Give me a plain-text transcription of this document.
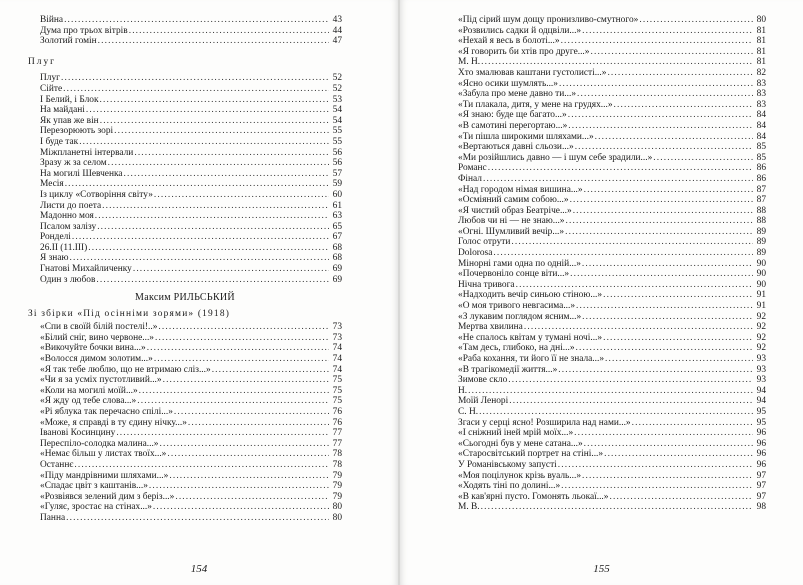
Війна . . .	43
Дума про трьох вітрів . . .	44
Золотий гомін . . .	47
Плуг
Плуг . . .	52
Сійте . . .	52
І Белий, і Блок . . .	53
На майдані . . .	54
Як упав же він . . .	54
Перезорюють зорі . . .	55
І буде так . . .	55
Міжпланетні інтервали . . .	56
Зразу ж за селом . . .	56
На могилі Шевченка . . .	57
Месія . . .	59
Із циклу «Сотворіння світу» . . .	60
Листи до поета . . .	61
Мадонно моя . . .	63
Псалом залізу . . .	65
Ронделі . . .	67
26.II (11.III) . . .	68
Я знаю . . .	68
Гнатові Михайличенку . . .	69
Один з любов . . .	69
Максим РИЛЬСЬКИЙ
Зі збірки «Під осінніми зорями» (1918)
«Спи в своїй білій постелі!..» . . .	73
«Білий сніг, вино червоне...» . . .	73
«Викочуйте бочки вина...» . . .	74
«Волосся димом золотим...» . . .	74
«Я так тебе люблю, що не втримаю сліз...» . . .	74
«Чи я за усміх пустотливий...» . . .	75
«Коли на могилі моїй...» . . .	75
«Я жду од тебе слова...» . . .	75
«Рі яблука так перечасно спілі...» . . .	76
«Може, я справді в ту єдину нічку...» . . .	76
Іванові Косинцину . . .	77
Переспіло-солодка малина...» . . .	77
«Немає більш у листах твоїх...» . . .	78
Останнє . . .	78
«Піду мандрівними шляхами...» . . .	79
«Спадає цвіт з каштанів...» . . .	79
«Розвіявся зелений дим з беріз...» . . .	79
«Гуляє, зростає на стінах...» . . .	80
Панна . . .	80
154
«Під сірий шум дощу пронизливо-смутного» . . .	80
«Розвились садки й одцвіли...» . . .	81
«Нехай я весь в болоті...» . . .	81
«Я говорить би хтів про друге...» . . .	81
М. Н. . . .	81
Хто змалював каштани густолисті...» . . .	82
«Ясно осики шумлять...» . . .	83
«Забула про мене давно ти...» . . .	83
«Ти плакала, дитя, у мене на грудях...» . . .	83
«Я знаю: буде ще багато...» . . .	84
«В самотині перегортаю...» . . .	84
«Ти пішла широкими шляхами...» . . .	84
«Вертаються давні сльози...» . . .	85
«Ми розійшлись давно — і шум себе зрадили...» . . .	85
Романс . . .	86
Фінал . . .	86
«Над городом німая вишина...» . . .	87
«Осміяний самим собою...» . . .	87
«Я чистий образ Беатріче...» . . .	88
Любов чи ні — не знаю...» . . .	88
«Огні. Шумливий вечір...» . . .	89
Голос отрути . . .	89
Dolorosa . . .	89
Мінорні гами одна по одній...» . . .	90
«Почервоніло сонце віти...» . . .	90
Нічна тривога . . .	90
«Надходить вечір синьою стіною...» . . .	91
«О моя тривого невгасима...» . . .	91
«З лукавим поглядом ясним...» . . .	92
Мертва хвилина . . .	92
«Не спалось квітам у тумані ночі...» . . .	92
«Там десь, глибоко, на дні...» . . .	92
«Раба кохання, ти його її не знала...» . . .	93
«В трагікомедії життя...» . . .	93
Зимове скло . . .	93
Н. . . .	94
Моїй Ленорі . . .	94
С. Н. . . .	95
Згаси у серці ясно! Розширила над нами...» . . .	95
«І сніжний іней мрій моїх...» . . .	96
«Сьогодні був у мене сатана...» . . .	96
«Старосвітський портрет на стіні...» . . .	96
У Романівському запусті . . .	96
«Моя поцілунок крізь вуаль...» . . .	97
«Ходять тіні по долині...» . . .	97
«В кав'ярні пусто. Гомонять льокаї...» . . .	97
М. В. . . .	98
155
